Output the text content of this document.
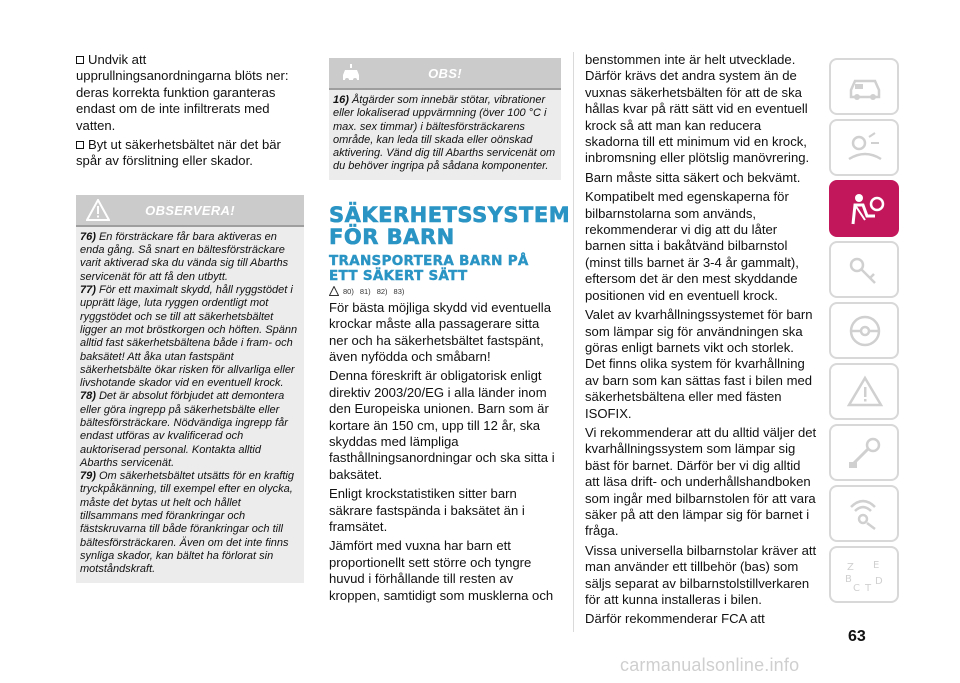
Undvik att upprullningsanordningarna blöts ner: deras korrekta funktion garanteras endast om de inte infiltrerats med vatten.

Byt ut säkerhetsbältet när det bär spår av förslitning eller skador.

OBSERVERA!

76) En försträckare får bara aktiveras en enda gång. Så snart en bältesförsträckare varit aktiverad ska du vända sig till Abarths servicenät för att få den utbytt.

77) För ett maximalt skydd, håll ryggstödet i upprätt läge, luta ryggen ordentligt mot ryggstödet och se till att säkerhetsbältet ligger an mot bröstkorgen och höften. Spänn alltid fast säkerhetsbältena både i fram- och baksätet! Att åka utan fastspänt säkerhetsbälte ökar risken för allvarliga eller livshotande skador vid en eventuell krock.

78) Det är absolut förbjudet att demontera eller göra ingrepp på säkerhetsbälte eller bältesförsträckare. Nödvändiga ingrepp får endast utföras av kvalificerad och auktoriserad personal. Kontakta alltid Abarths servicenät.

79) Om säkerhetsbältet utsätts för en kraftig tryckpåkänning, till exempel efter en olycka, måste det bytas ut helt och hållet tillsammans med förankringar och fästskruvarna till både förankringar och till bältesförsträckaren. Även om det inte finns synliga skador, kan bältet ha förlorat sin motståndskraft.

OBS!

16) Åtgärder som innebär stötar, vibrationer eller lokaliserad uppvärmning (över 100 °C i max. sex timmar) i bältesförsträckarens område, kan leda till skada eller oönskad aktivering. Vänd dig till Abarths servicenät om du behöver ingripa på sådana komponenter.

SÄKERHETSSYSTEM FÖR BARN
TRANSPORTERA BARN PÅ ETT SÄKERT SÄTT
80) 81) 82) 83)

För bästa möjliga skydd vid eventuella krockar måste alla passagerare sitta ner och ha säkerhetsbältet fastspänt, även nyfödda och småbarn!

Denna föreskrift är obligatorisk enligt direktiv 2003/20/EG i alla länder inom den Europeiska unionen. Barn som är kortare än 150 cm, upp till 12 år, ska skyddas med lämpliga fasthållningsanordningar och ska sitta i baksätet.

Enligt krockstatistiken sitter barn säkrare fastspända i baksätet än i framsätet.

Jämfört med vuxna har barn ett proportionellt sett större och tyngre huvud i förhållande till resten av kroppen, samtidigt som musklerna och

benstommen inte är helt utvecklade. Därför krävs det andra system än de vuxnas säkerhetsbälten för att de ska hållas kvar på rätt sätt vid en eventuell krock så att man kan reducera skadorna till ett minimum vid en krock, inbromsning eller plötslig manövrering.

Barn måste sitta säkert och bekvämt.

Kompatibelt med egenskaperna för bilbarnstolarna som används, rekommenderar vi dig att du låter barnen sitta i bakåtvänd bilbarnstol (minst tills barnet är 3-4 år gammalt), eftersom det är den mest skyddande positionen vid en eventuell krock.

Valet av kvarhållningssystemet för barn som lämpar sig för användningen ska göras enligt barnets vikt och storlek. Det finns olika system för kvarhållning av barn som kan sättas fast i bilen med säkerhetsbältena eller med fästen ISOFIX.

Vi rekommenderar att du alltid väljer det kvarhållningssystem som lämpar sig bäst för barnet. Därför ber vi dig alltid att läsa drift- och underhållshandboken som ingår med bilbarnstolen för att vara säker på att den lämpar sig för barnet i fråga.

Vissa universella bilbarnstolar kräver att man använder ett tillbehör (bas) som säljs separat av bilbarnstolstillverkaren för att kunna installeras i bilen.

Därför rekommenderar FCA att

Z E
B
C T
D
63
carmanualsonline.info
